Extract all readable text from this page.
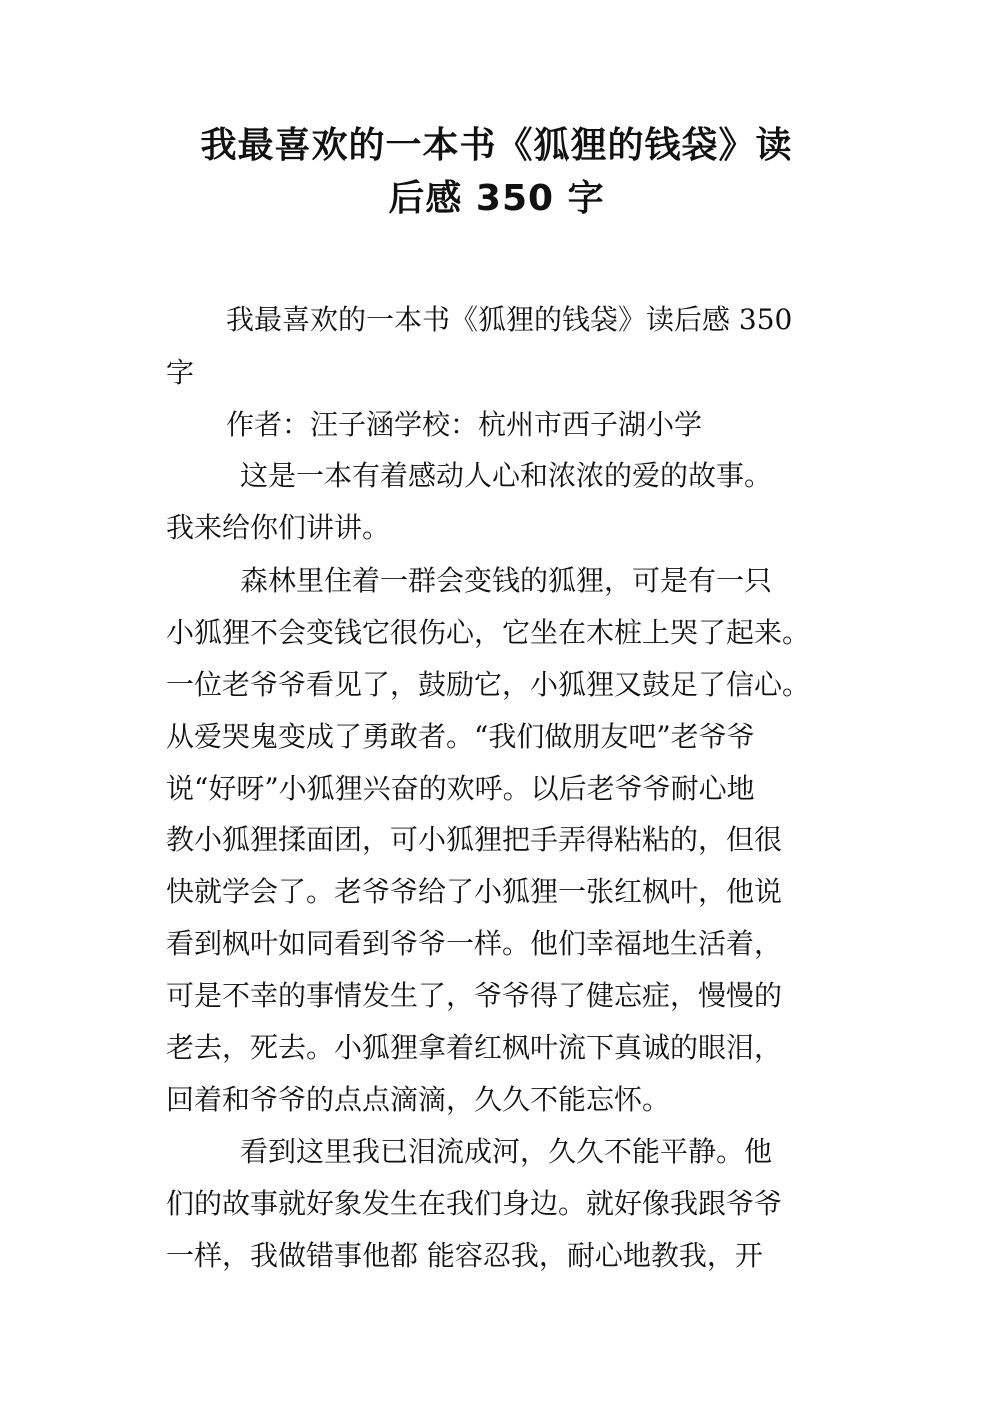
我最喜欢的一本书《狐狸的钱袋》读
后感 350 字
我最喜欢的一本书《狐狸的钱袋》读后感 350
字
作者：汪子涵学校：杭州市西子湖小学
这是一本有着感动人心和浓浓的爱的故事。
我来给你们讲讲。
森林里住着一群会变钱的狐狸，可是有一只
小狐狸不会变钱它很伤心，它坐在木桩上哭了起来。
一位老爷爷看见了，鼓励它，小狐狸又鼓足了信心。
从爱哭鬼变成了勇敢者。“我们做朋友吧”老爷爷
说“好呀”小狐狸兴奋的欢呼。以后老爷爷耐心地
教小狐狸揉面团，可小狐狸把手弄得粘粘的，但很
快就学会了。老爷爷给了小狐狸一张红枫叶，他说
看到枫叶如同看到爷爷一样。他们幸福地生活着，
可是不幸的事情发生了，爷爷得了健忘症，慢慢的
老去，死去。小狐狸拿着红枫叶流下真诚的眼泪，
回着和爷爷的点点滴滴，久久不能忘怀。
看到这里我已泪流成河，久久不能平静。他
们的故事就好象发生在我们身边。就好像我跟爷爷
一样，我做错事他都 能容忍我，耐心地教我，开
